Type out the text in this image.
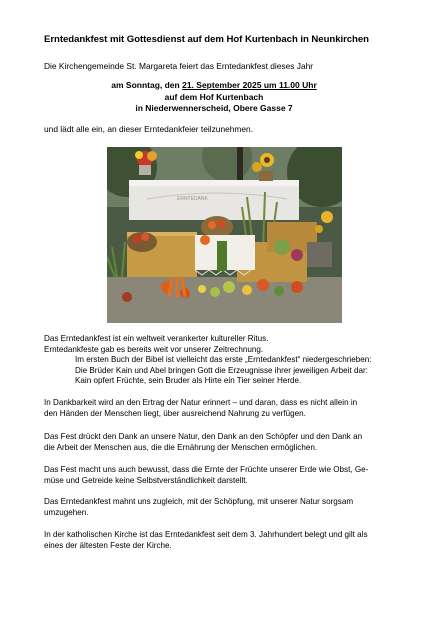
Erntedankfest mit Gottesdienst auf dem Hof Kurtenbach in Neunkirchen
Die Kirchengemeinde St. Margareta feiert das Erntedankfest dieses Jahr
am Sonntag, den 21. September 2025 um 11.00 Uhr
auf dem Hof Kurtenbach
in Niederwennerscheid, Obere Gasse 7
und lädt alle ein, an dieser Erntedankfeier teilzunehmen.
ERNTEDANK
Das Erntedankfest ist ein weltweit verankerter kultureller Ritus.
Erntedankfeste gab es bereits weit vor unserer Zeitrechnung.
Im ersten Buch der Bibel ist vielleicht das erste „Erntedankfest“ niedergeschrieben:
Die Brüder Kain und Abel bringen Gott die Erzeugnisse ihrer jeweiligen Arbeit dar:
Kain opfert Früchte, sein Bruder als Hirte ein Tier seiner Herde.
In Dankbarkeit wird an den Ertrag der Natur erinnert – und daran, dass es nicht allein in
den Händen der Menschen liegt, über ausreichend Nahrung zu verfügen.
Das Fest drückt den Dank an unsere Natur, den Dank an den Schöpfer und den Dank an
die Arbeit der Menschen aus, die die Ernährung der Menschen ermöglichen.
Das Fest macht uns auch bewusst, dass die Ernte der Früchte unserer Erde wie Obst, Ge-
müse und Getreide keine Selbstverständlichkeit darstellt.
Das Erntedankfest mahnt uns zugleich, mit der Schöpfung, mit unserer Natur sorgsam
umzugehen.
In der katholischen Kirche ist das Erntedankfest seit dem 3. Jahrhundert belegt und gilt als
eines der ältesten Feste der Kirche.
